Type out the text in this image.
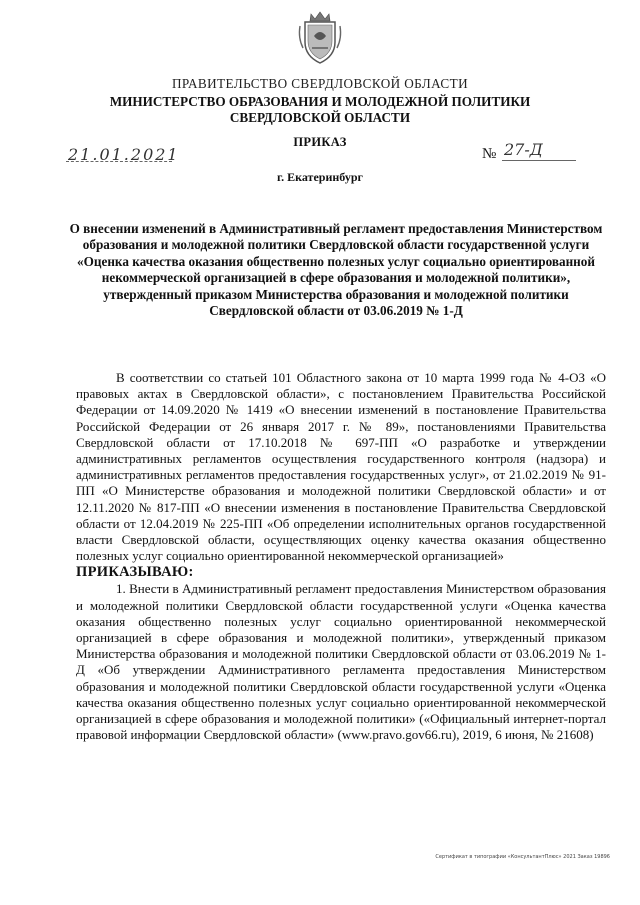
ПРАВИТЕЛЬСТВО СВЕРДЛОВСКОЙ ОБЛАСТИ
МИНИСТЕРСТВО ОБРАЗОВАНИЯ И МОЛОДЕЖНОЙ ПОЛИТИКИ
СВЕРДЛОВСКОЙ ОБЛАСТИ
ПРИКАЗ
21.01.2021	№ 27-Д
г. Екатеринбург
О внесении изменений в Административный регламент предоставления Министерством образования и молодежной политики Свердловской области государственной услуги «Оценка качества оказания общественно полезных услуг социально ориентированной некоммерческой организацией в сфере образования и молодежной политики», утвержденный приказом Министерства образования и молодежной политики Свердловской области от 03.06.2019 № 1-Д

В соответствии со статьей 101 Областного закона от 10 марта 1999 года № 4-ОЗ «О правовых актах в Свердловской области», с постановлением Правительства Российской Федерации от 14.09.2020 № 1419 «О внесении изменений в постановление Правительства Российской Федерации от 26 января 2017 г. № 89», постановлениями Правительства Свердловской области от 17.10.2018 № 697-ПП «О разработке и утверждении административных регламентов осуществления государственного контроля (надзора) и административных регламентов предоставления государственных услуг», от 21.02.2019 № 91-ПП «О Министерстве образования и молодежной политики Свердловской области» и от 12.11.2020 № 817-ПП «О внесении изменения в постановление Правительства Свердловской области от 12.04.2019 № 225-ПП «Об определении исполнительных органов государственной власти Свердловской области, осуществляющих оценку качества оказания общественно полезных услуг социально ориентированной некоммерческой организацией»

ПРИКАЗЫВАЮ:

1. Внести в Административный регламент предоставления Министерством образования и молодежной политики Свердловской области государственной услуги «Оценка качества оказания общественно полезных услуг социально ориентированной некоммерческой организацией в сфере образования и молодежной политики», утвержденный приказом Министерства образования и молодежной политики Свердловской области от 03.06.2019 № 1-Д «Об утверждении Административного регламента предоставления Министерством образования и молодежной политики Свердловской области государственной услуги «Оценка качества оказания общественно полезных услуг социально ориентированной некоммерческой организацией в сфере образования и молодежной политики» («Официальный интернет-портал правовой информации Свердловской области» (www.pravo.gov66.ru), 2019, 6 июня, № 21608)

Сертификат в типографии «КонсультантПлюс» 2021 Заказ 19896
